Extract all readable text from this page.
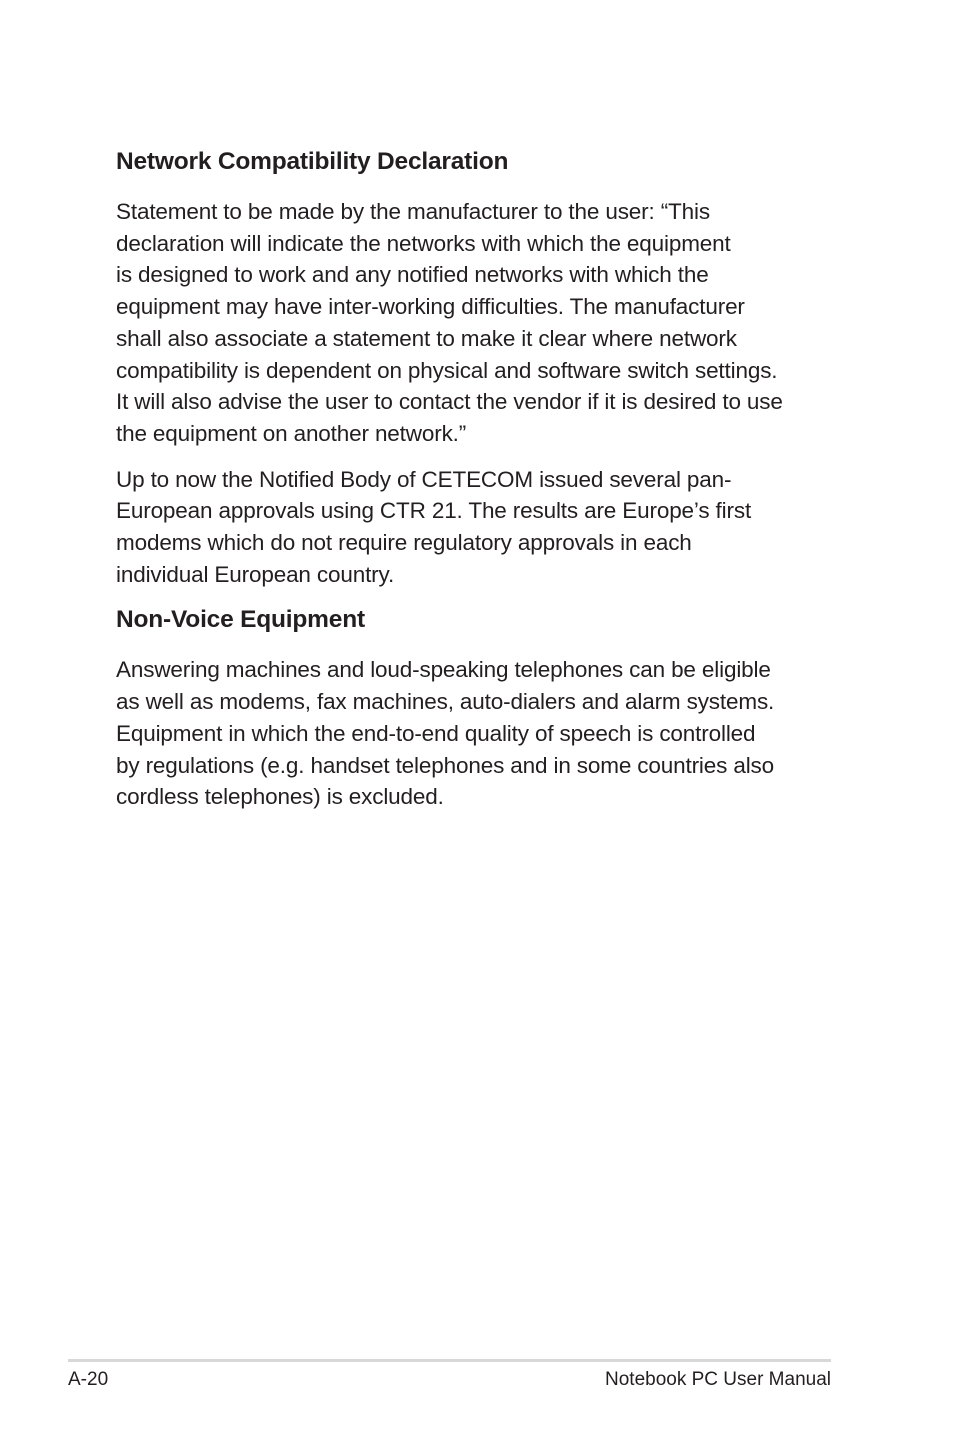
Network Compatibility Declaration

Statement to be made by the manufacturer to the user: “This
declaration will indicate the networks with which the equipment
is designed to work and any notified networks with which the
equipment may have inter-working difficulties. The manufacturer
shall also associate a statement to make it clear where network
compatibility is dependent on physical and software switch settings.
It will also advise the user to contact the vendor if it is desired to use
the equipment on another network.”

Up to now the Notified Body of CETECOM issued several pan-
European approvals using CTR 21. The results are Europe’s first
modems which do not require regulatory approvals in each
individual European country.

Non-Voice Equipment

Answering machines and loud-speaking telephones can be eligible
as well as modems, fax machines, auto-dialers and alarm systems.
Equipment in which the end-to-end quality of speech is controlled
by regulations (e.g. handset telephones and in some countries also
cordless telephones) is excluded.

A-20	Notebook PC User Manual
